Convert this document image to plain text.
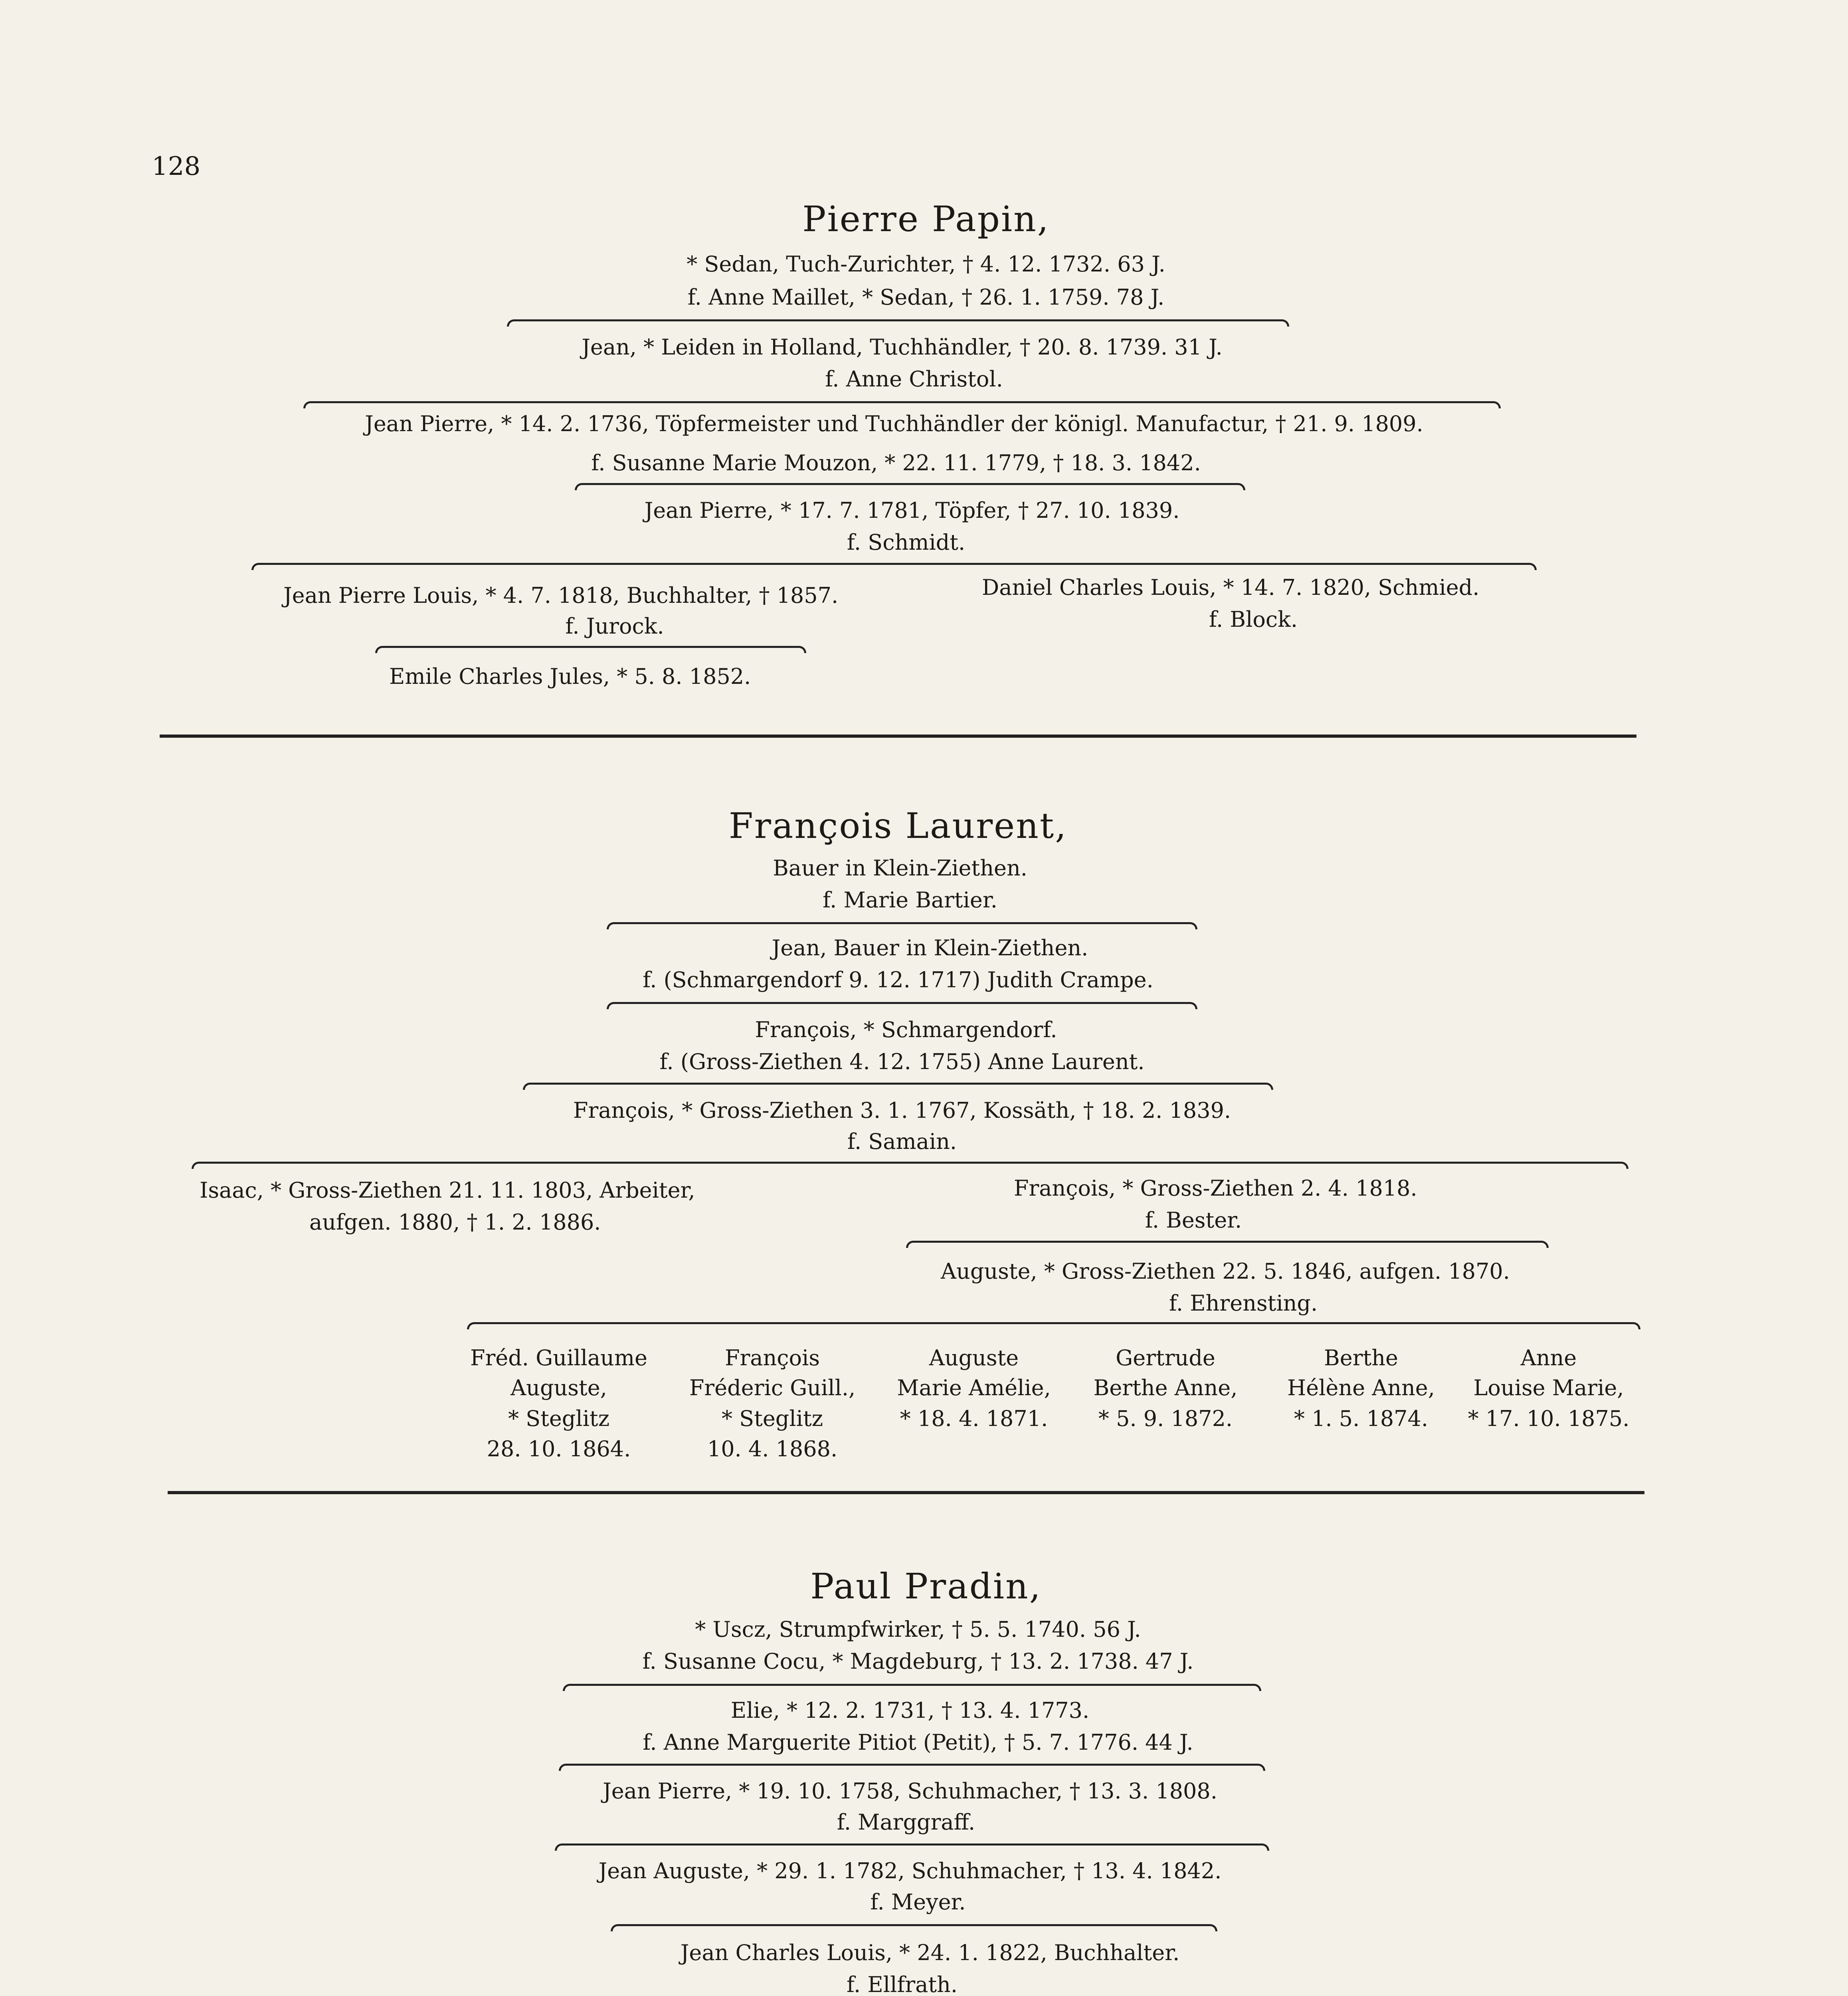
128
Pierre Papin,
* Sedan, Tuch-Zurichter, † 4. 12. 1732. 63 J.
f. Anne Maillet, * Sedan, † 26. 1. 1759. 78 J.
Jean, * Leiden in Holland, Tuchhändler, † 20. 8. 1739. 31 J.
f. Anne Christol.
Jean Pierre, * 14. 2. 1736, Töpfermeister und Tuchhändler der königl. Manufactur, † 21. 9. 1809.
f. Susanne Marie Mouzon, * 22. 11. 1779, † 18. 3. 1842.
Jean Pierre, * 17. 7. 1781, Töpfer, † 27. 10. 1839.
f. Schmidt.
Jean Pierre Louis, * 4. 7. 1818, Buchhalter, † 1857.
f. Jurock.
Daniel Charles Louis, * 14. 7. 1820, Schmied.
f. Block.
Emile Charles Jules, * 5. 8. 1852.
François Laurent,
Bauer in Klein-Ziethen.
f. Marie Bartier.
Jean, Bauer in Klein-Ziethen.
f. (Schmargendorf 9. 12. 1717) Judith Crampe.
François, * Schmargendorf.
f. (Gross-Ziethen 4. 12. 1755) Anne Laurent.
François, * Gross-Ziethen 3. 1. 1767, Kossäth, † 18. 2. 1839.
f. Samain.
Isaac, * Gross-Ziethen 21. 11. 1803, Arbeiter,
aufgen. 1880, † 1. 2. 1886.
François, * Gross-Ziethen 2. 4. 1818.
f. Bester.
Auguste, * Gross-Ziethen 22. 5. 1846, aufgen. 1870.
f. Ehrensting.
Fréd. Guillaume
Auguste,
* Steglitz
28. 10. 1864.
François
Fréderic Guill.,
* Steglitz
10. 4. 1868.
Auguste
Marie Amélie,
* 18. 4. 1871.
Gertrude
Berthe Anne,
* 5. 9. 1872.
Berthe
Hélène Anne,
* 1. 5. 1874.
Anne
Louise Marie,
* 17. 10. 1875.
Paul Pradin,
* Uscz, Strumpfwirker, † 5. 5. 1740. 56 J.
f. Susanne Cocu, * Magdeburg, † 13. 2. 1738. 47 J.
Elie, * 12. 2. 1731, † 13. 4. 1773.
f. Anne Marguerite Pitiot (Petit), † 5. 7. 1776. 44 J.
Jean Pierre, * 19. 10. 1758, Schuhmacher, † 13. 3. 1808.
f. Marggraff.
Jean Auguste, * 29. 1. 1782, Schuhmacher, † 13. 4. 1842.
f. Meyer.
Jean Charles Louis, * 24. 1. 1822, Buchhalter.
f. Ellfrath.
